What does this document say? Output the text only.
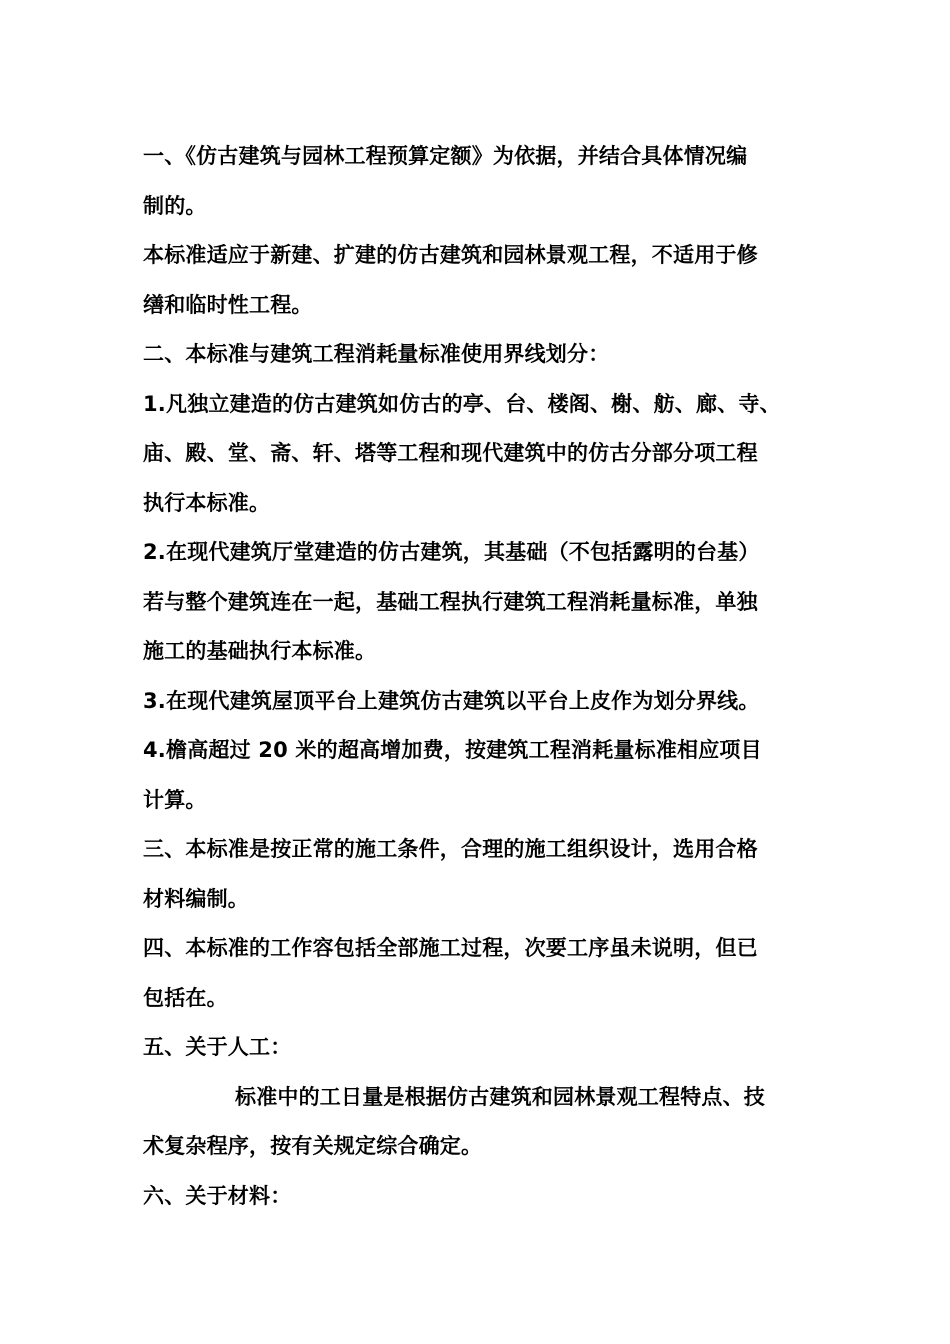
一、《仿古建筑与园林工程预算定额》为依据，并结合具体情况编
制的。
本标准适应于新建、扩建的仿古建筑和园林景观工程，不适用于修
缮和临时性工程。
二、本标准与建筑工程消耗量标准使用界线划分：
1.凡独立建造的仿古建筑如仿古的亭、台、楼阁、榭、舫、廊、寺、
庙、殿、堂、斋、轩、塔等工程和现代建筑中的仿古分部分项工程
执行本标准。
2.在现代建筑厅堂建造的仿古建筑，其基础（不包括露明的台基）
若与整个建筑连在一起，基础工程执行建筑工程消耗量标准，单独
施工的基础执行本标准。
3.在现代建筑屋顶平台上建筑仿古建筑以平台上皮作为划分界线。
4.檐高超过 20 米的超高增加费，按建筑工程消耗量标准相应项目
计算。
三、本标准是按正常的施工条件，合理的施工组织设计，选用合格
材料编制。
四、本标准的工作容包括全部施工过程，次要工序虽未说明，但已
包括在。
五、关于人工：
标准中的工日量是根据仿古建筑和园林景观工程特点、技
术复杂程序，按有关规定综合确定。
六、关于材料：
